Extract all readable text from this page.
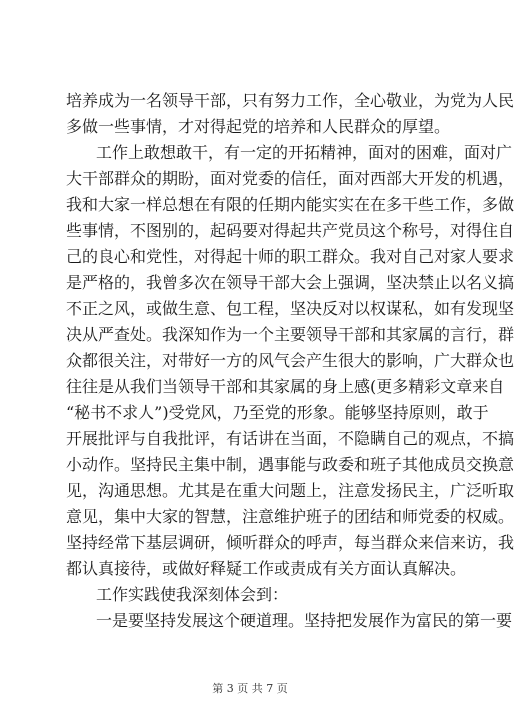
培养成为一名领导干部，只有努力工作，全心敬业，为党为人民
多做一些事情，才对得起党的培养和人民群众的厚望。
工作上敢想敢干，有一定的开拓精神，面对的困难，面对广
大干部群众的期盼，面对党委的信任，面对西部大开发的机遇，
我和大家一样总想在有限的任期内能实实在在多干些工作，多做
些事情，不图别的，起码要对得起共产党员这个称号，对得住自
己的良心和党性，对得起十师的职工群众。我对自己对家人要求
是严格的，我曾多次在领导干部大会上强调，坚决禁止以名义搞
不正之风，或做生意、包工程，坚决反对以权谋私，如有发现坚
决从严查处。我深知作为一个主要领导干部和其家属的言行，群
众都很关注，对带好一方的风气会产生很大的影响，广大群众也
往往是从我们当领导干部和其家属的身上感(更多精彩文章来自
“秘书不求人”)受党风，乃至党的形象。能够坚持原则，敢于
开展批评与自我批评，有话讲在当面，不隐瞒自己的观点，不搞
小动作。坚持民主集中制，遇事能与政委和班子其他成员交换意
见，沟通思想。尤其是在重大问题上，注意发扬民主，广泛听取
意见，集中大家的智慧，注意维护班子的团结和师党委的权威。
坚持经常下基层调研，倾听群众的呼声，每当群众来信来访，我
都认真接待，或做好释疑工作或责成有关方面认真解决。
工作实践使我深刻体会到：
一是要坚持发展这个硬道理。坚持把发展作为富民的第一要
第 3 页 共 7 页
